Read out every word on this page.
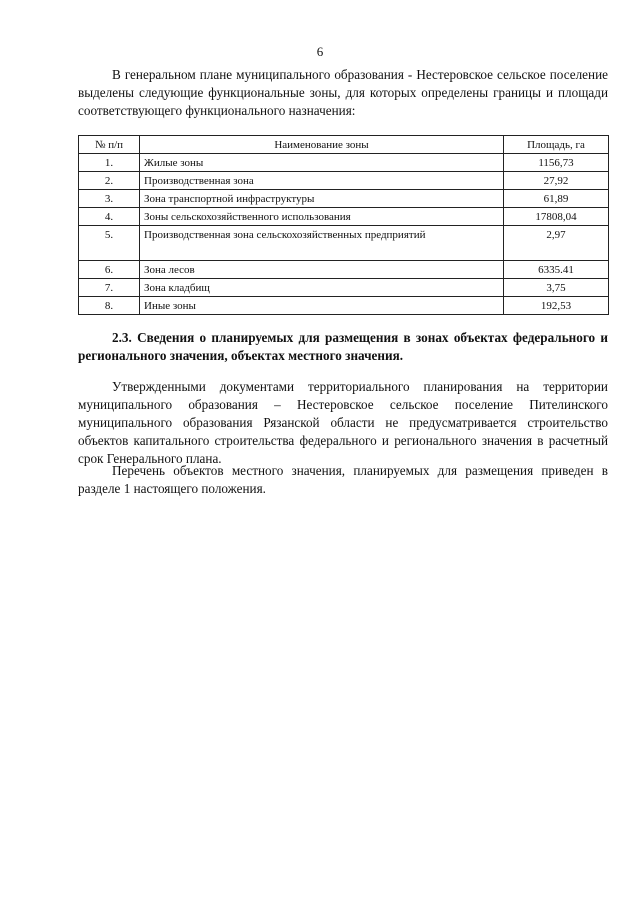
6

В генеральном плане муниципального образования - Нестеровское сельское поселение выделены следующие функциональные зоны, для которых определены границы и площади соответствующего функционального назначения:

№ п/п	Наименование зоны	Площадь, га
1.	Жилые зоны	1156,73
2.	Производственная зона	27,92
3.	Зона транспортной инфраструктуры	61,89
4.	Зоны сельскохозяйственного использования	17808,04
5.	Производственная зона сельскохозяйственных предприятий	2,97
6.	Зона лесов	6335.41
7.	Зона кладбищ	3,75
8.	Иные зоны	192,53

2.3. Сведения о планируемых для размещения в зонах объектах федерального и регионального значения, объектах местного значения.

Утвержденными документами территориального планирования на территории муниципального образования – Нестеровское сельское поселение Пителинского муниципального образования Рязанской области не предусматривается строительство объектов капитального строительства федерального и регионального значения в расчетный срок Генерального плана.

Перечень объектов местного значения, планируемых для размещения приведен в разделе 1 настоящего положения.
